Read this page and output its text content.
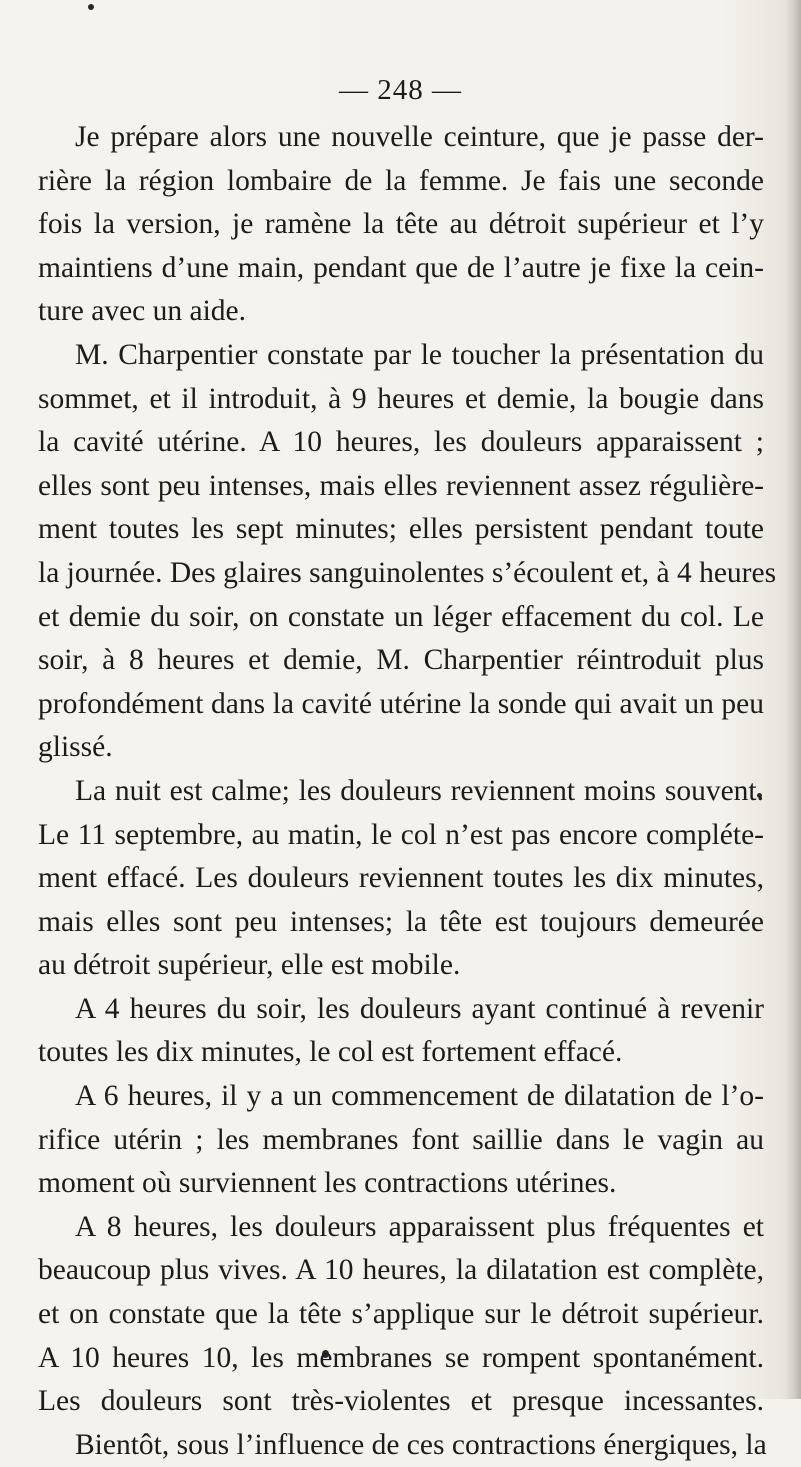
— 248 —
Je prépare alors une nouvelle ceinture, que je passe der-
rière la région lombaire de la femme. Je fais une seconde
fois la version, je ramène la tête au détroit supérieur et l’y
maintiens d’une main, pendant que de l’autre je fixe la cein-
ture avec un aide.
M. Charpentier constate par le toucher la présentation du
sommet, et il introduit, à 9 heures et demie, la bougie dans
la cavité utérine. A 10 heures, les douleurs apparaissent ;
elles sont peu intenses, mais elles reviennent assez régulière-
ment toutes les sept minutes; elles persistent pendant toute
la journée. Des glaires sanguinolentes s’écoulent et, à 4 heures
et demie du soir, on constate un léger effacement du col. Le
soir, à 8 heures et demie, M. Charpentier réintroduit plus
profondément dans la cavité utérine la sonde qui avait un peu
glissé.
La nuit est calme; les douleurs reviennent moins souvent.
Le 11 septembre, au matin, le col n’est pas encore compléte-
ment effacé. Les douleurs reviennent toutes les dix minutes,
mais elles sont peu intenses; la tête est toujours demeurée
au détroit supérieur, elle est mobile.
A 4 heures du soir, les douleurs ayant continué à revenir
toutes les dix minutes, le col est fortement effacé.
A 6 heures, il y a un commencement de dilatation de l’o-
rifice utérin ; les membranes font saillie dans le vagin au
moment où surviennent les contractions utérines.
A 8 heures, les douleurs apparaissent plus fréquentes et
beaucoup plus vives. A 10 heures, la dilatation est complète,
et on constate que la tête s’applique sur le détroit supérieur.
A 10 heures 10, les membranes se rompent spontanément.
Les douleurs sont très-violentes et presque incessantes.
Bientôt, sous l’influence de ces contractions énergiques, la
